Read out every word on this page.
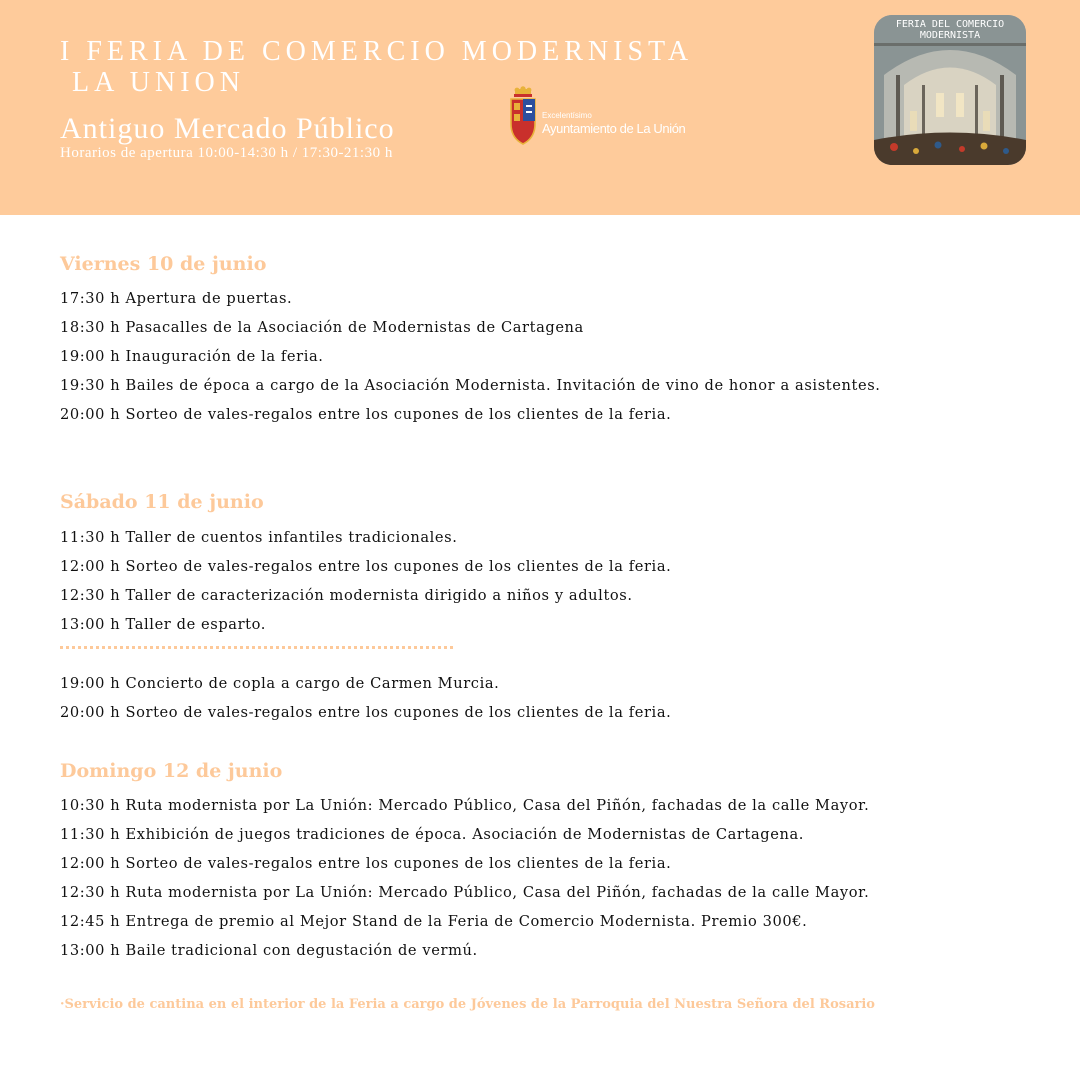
I FERIA DE COMERCIO MODERNISTA
LA UNION
Antiguo Mercado Público
Horarios de apertura 10:00-14:30 h / 17:30-21:30 h
Excelentísimo
Ayuntamiento de La Unión
FERIA DEL COMERCIO
MODERNISTA
Viernes 10 de junio
17:30 h Apertura de puertas.
18:30 h Pasacalles de la Asociación de Modernistas de Cartagena
19:00 h Inauguración de la feria.
19:30 h Bailes de época a cargo de la Asociación Modernista. Invitación de vino de honor a asistentes.
20:00 h Sorteo de vales-regalos entre los cupones de los clientes de la feria.
Sábado 11 de junio
11:30 h Taller de cuentos infantiles tradicionales.
12:00 h Sorteo de vales-regalos entre los cupones de los clientes de la feria.
12:30 h Taller de caracterización modernista dirigido a niños y adultos.
13:00 h Taller de esparto.
19:00 h Concierto de copla a cargo de Carmen Murcia.
20:00 h Sorteo de vales-regalos entre los cupones de los clientes de la feria.
Domingo 12 de junio
10:30 h Ruta modernista por La Unión: Mercado Público, Casa del Piñón, fachadas de la calle Mayor.
11:30 h Exhibición de juegos tradiciones de época. Asociación de Modernistas de Cartagena.
12:00 h Sorteo de vales-regalos entre los cupones de los clientes de la feria.
12:30 h Ruta modernista por La Unión: Mercado Público, Casa del Piñón, fachadas de la calle Mayor.
12:45 h Entrega de premio al Mejor Stand de la Feria de Comercio Modernista. Premio 300€.
13:00 h Baile tradicional con degustación de vermú.
·Servicio de cantina en el interior de la Feria a cargo de Jóvenes de la Parroquia del Nuestra Señora del Rosario
